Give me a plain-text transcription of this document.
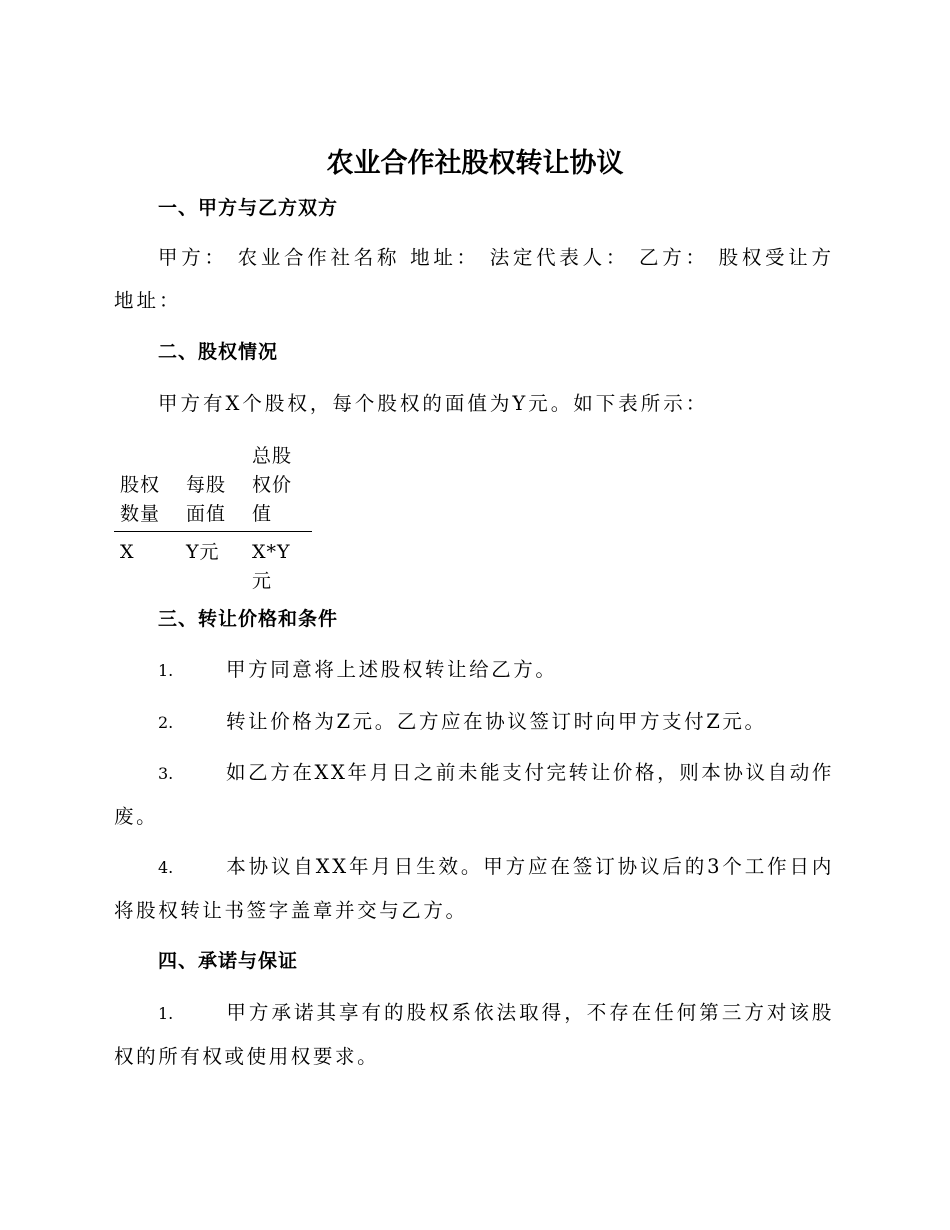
农业合作社股权转让协议
一、甲方与乙方双方
甲方： 农业合作社名称 地址： 法定代表人： 乙方： 股权受让方 地址：
二、股权情况
甲方有X个股权，每个股权的面值为Y元。如下表所示：
股权数量	每股面值	总股权价值
X	Y元	X*Y元
三、转让价格和条件
1.	甲方同意将上述股权转让给乙方。
2.	转让价格为Z元。乙方应在协议签订时向甲方支付Z元。
3.	如乙方在XX年月日之前未能支付完转让价格，则本协议自动作废。
4.	本协议自XX年月日生效。甲方应在签订协议后的3个工作日内将股权转让书签字盖章并交与乙方。
四、承诺与保证
1.	甲方承诺其享有的股权系依法取得，不存在任何第三方对该股权的所有权或使用权要求。
